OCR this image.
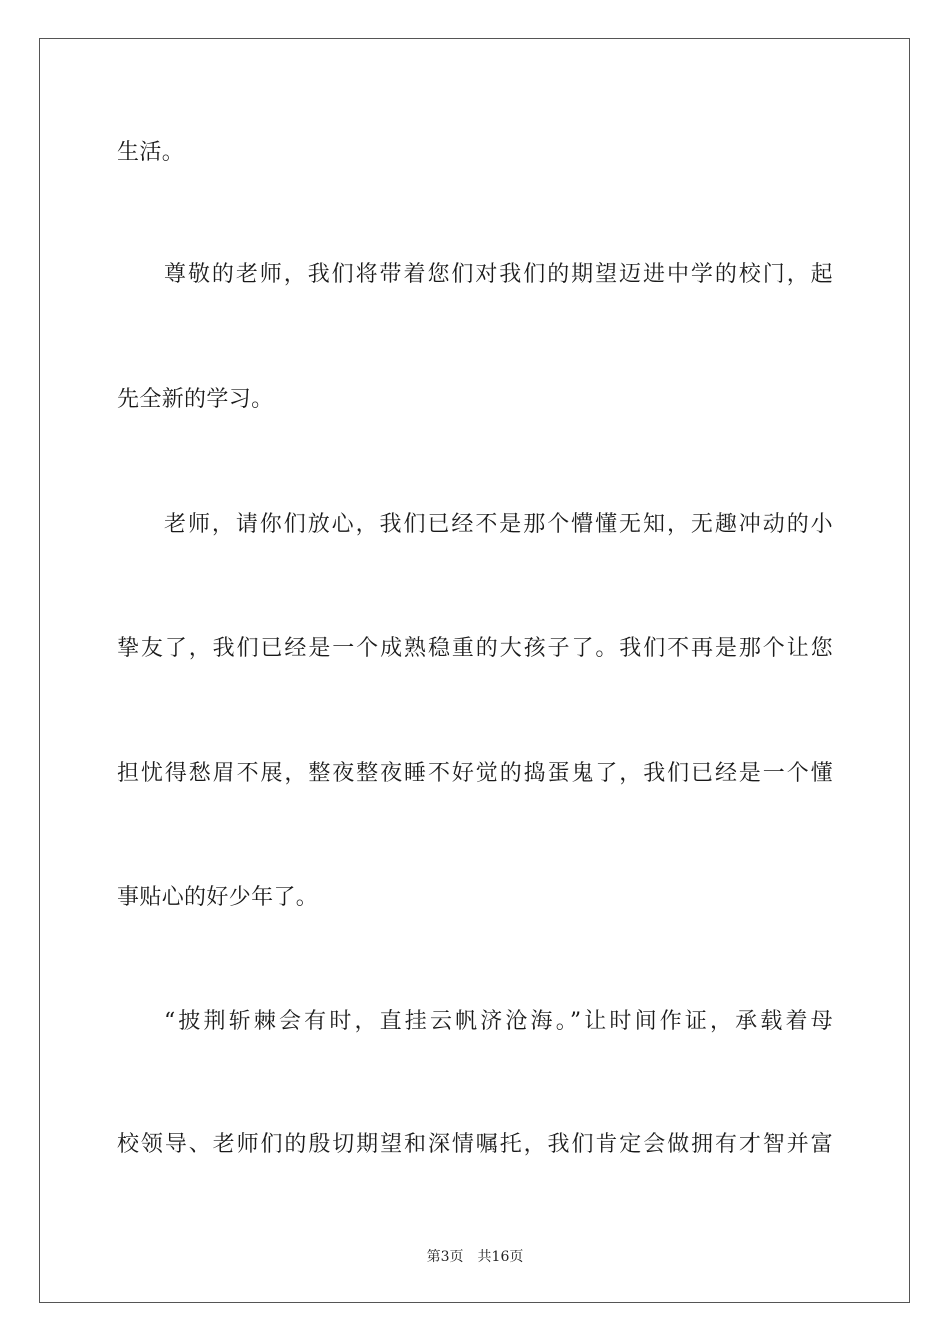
生活。
尊敬的老师，我们将带着您们对我们的期望迈进中学的校门，起
先全新的学习。
老师，请你们放心，我们已经不是那个懵懂无知，无趣冲动的小
挚友了，我们已经是一个成熟稳重的大孩子了。我们不再是那个让您
担忧得愁眉不展，整夜整夜睡不好觉的捣蛋鬼了，我们已经是一个懂
事贴心的好少年了。
“披荆斩棘会有时，直挂云帆济沧海。”让时间作证，承载着母
校领导、老师们的殷切期望和深情嘱托，我们肯定会做拥有才智并富
第3页 共16页
